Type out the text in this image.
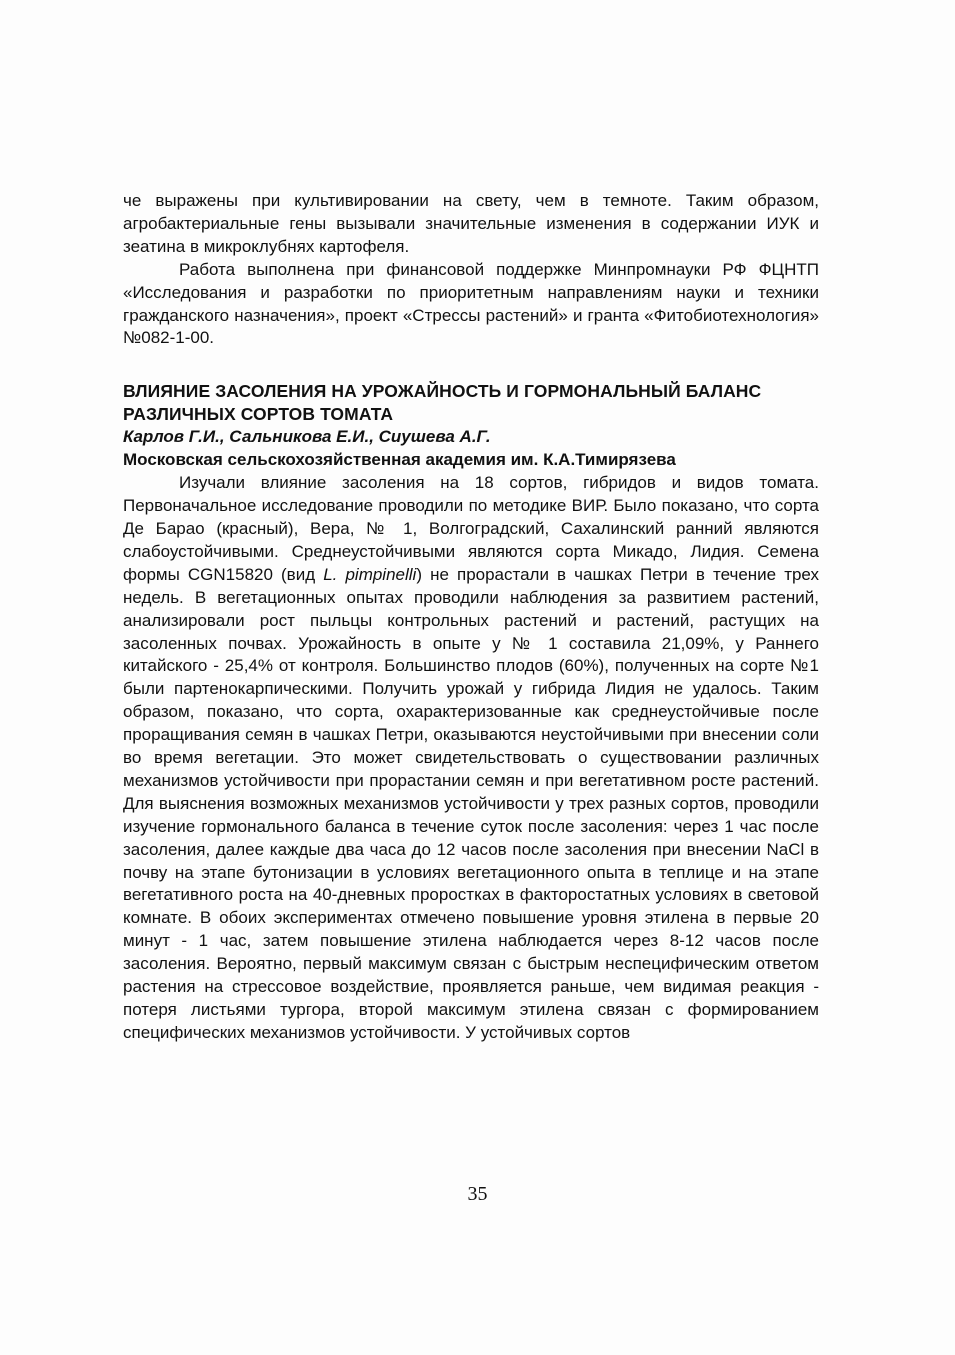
че выражены при культивировании на свету, чем в темноте. Таким образом, агробактериальные гены вызывали значительные изменения в содержании ИУК и зеатина в микроклубнях картофеля.

Работа выполнена при финансовой поддержке Минпромнауки РФ ФЦНТП «Исследования и разработки по приоритетным направлениям науки и техники гражданского назначения», проект «Стрессы растений» и гранта «Фитобиотехнология» №082-1-00.

ВЛИЯНИЕ ЗАСОЛЕНИЯ НА УРОЖАЙНОСТЬ И ГОРМОНАЛЬНЫЙ БАЛАНС РАЗЛИЧНЫХ СОРТОВ ТОМАТА

Карлов Г.И., Сальникова Е.И., Сиушева А.Г.

Московская сельскохозяйственная академия им. К.А.Тимирязева

Изучали влияние засоления на 18 сортов, гибридов и видов томата. Первоначальное исследование проводили по методике ВИР. Было показано, что сорта Де Барао (красный), Вера, № 1, Волгоградский, Сахалинский ранний являются слабоустойчивыми. Среднеустойчивыми являются сорта Микадо, Лидия. Семена формы CGN15820 (вид L. pimpinelli) не прорастали в чашках Петри в течение трех недель. В вегетационных опытах проводили наблюдения за развитием растений, анализировали рост пыльцы контрольных растений и растений, растущих на засоленных почвах. Урожайность в опыте у № 1 составила 21,09%, у Раннего китайского - 25,4% от контроля. Большинство плодов (60%), полученных на сорте №1 были партенокарпическими. Получить урожай у гибрида Лидия не удалось. Таким образом, показано, что сорта, охарактеризованные как среднеустойчивые после проращивания семян в чашках Петри, оказываются неустойчивыми при внесении соли во время вегетации. Это может свидетельствовать о существовании различных механизмов устойчивости при прорастании семян и при вегетативном росте растений. Для выяснения возможных механизмов устойчивости у трех разных сортов, проводили изучение гормонального баланса в течение суток после засоления: через 1 час после засоления, далее каждые два часа до 12 часов после засоления при внесении NaCl в почву на этапе бутонизации в условиях вегетационного опыта в теплице и на этапе вегетативного роста на 40-дневных проростках в факторостатных условиях в световой комнате. В обоих экспериментах отмечено повышение уровня этилена в первые 20 минут - 1 час, затем повышение этилена наблюдается через 8-12 часов после засоления. Вероятно, первый максимум связан с быстрым неспецифическим ответом растения на стрессовое воздействие, проявляется раньше, чем видимая реакция - потеря листьями тургора, второй максимум этилена связан с формированием специфических механизмов устойчивости. У устойчивых сортов

35
